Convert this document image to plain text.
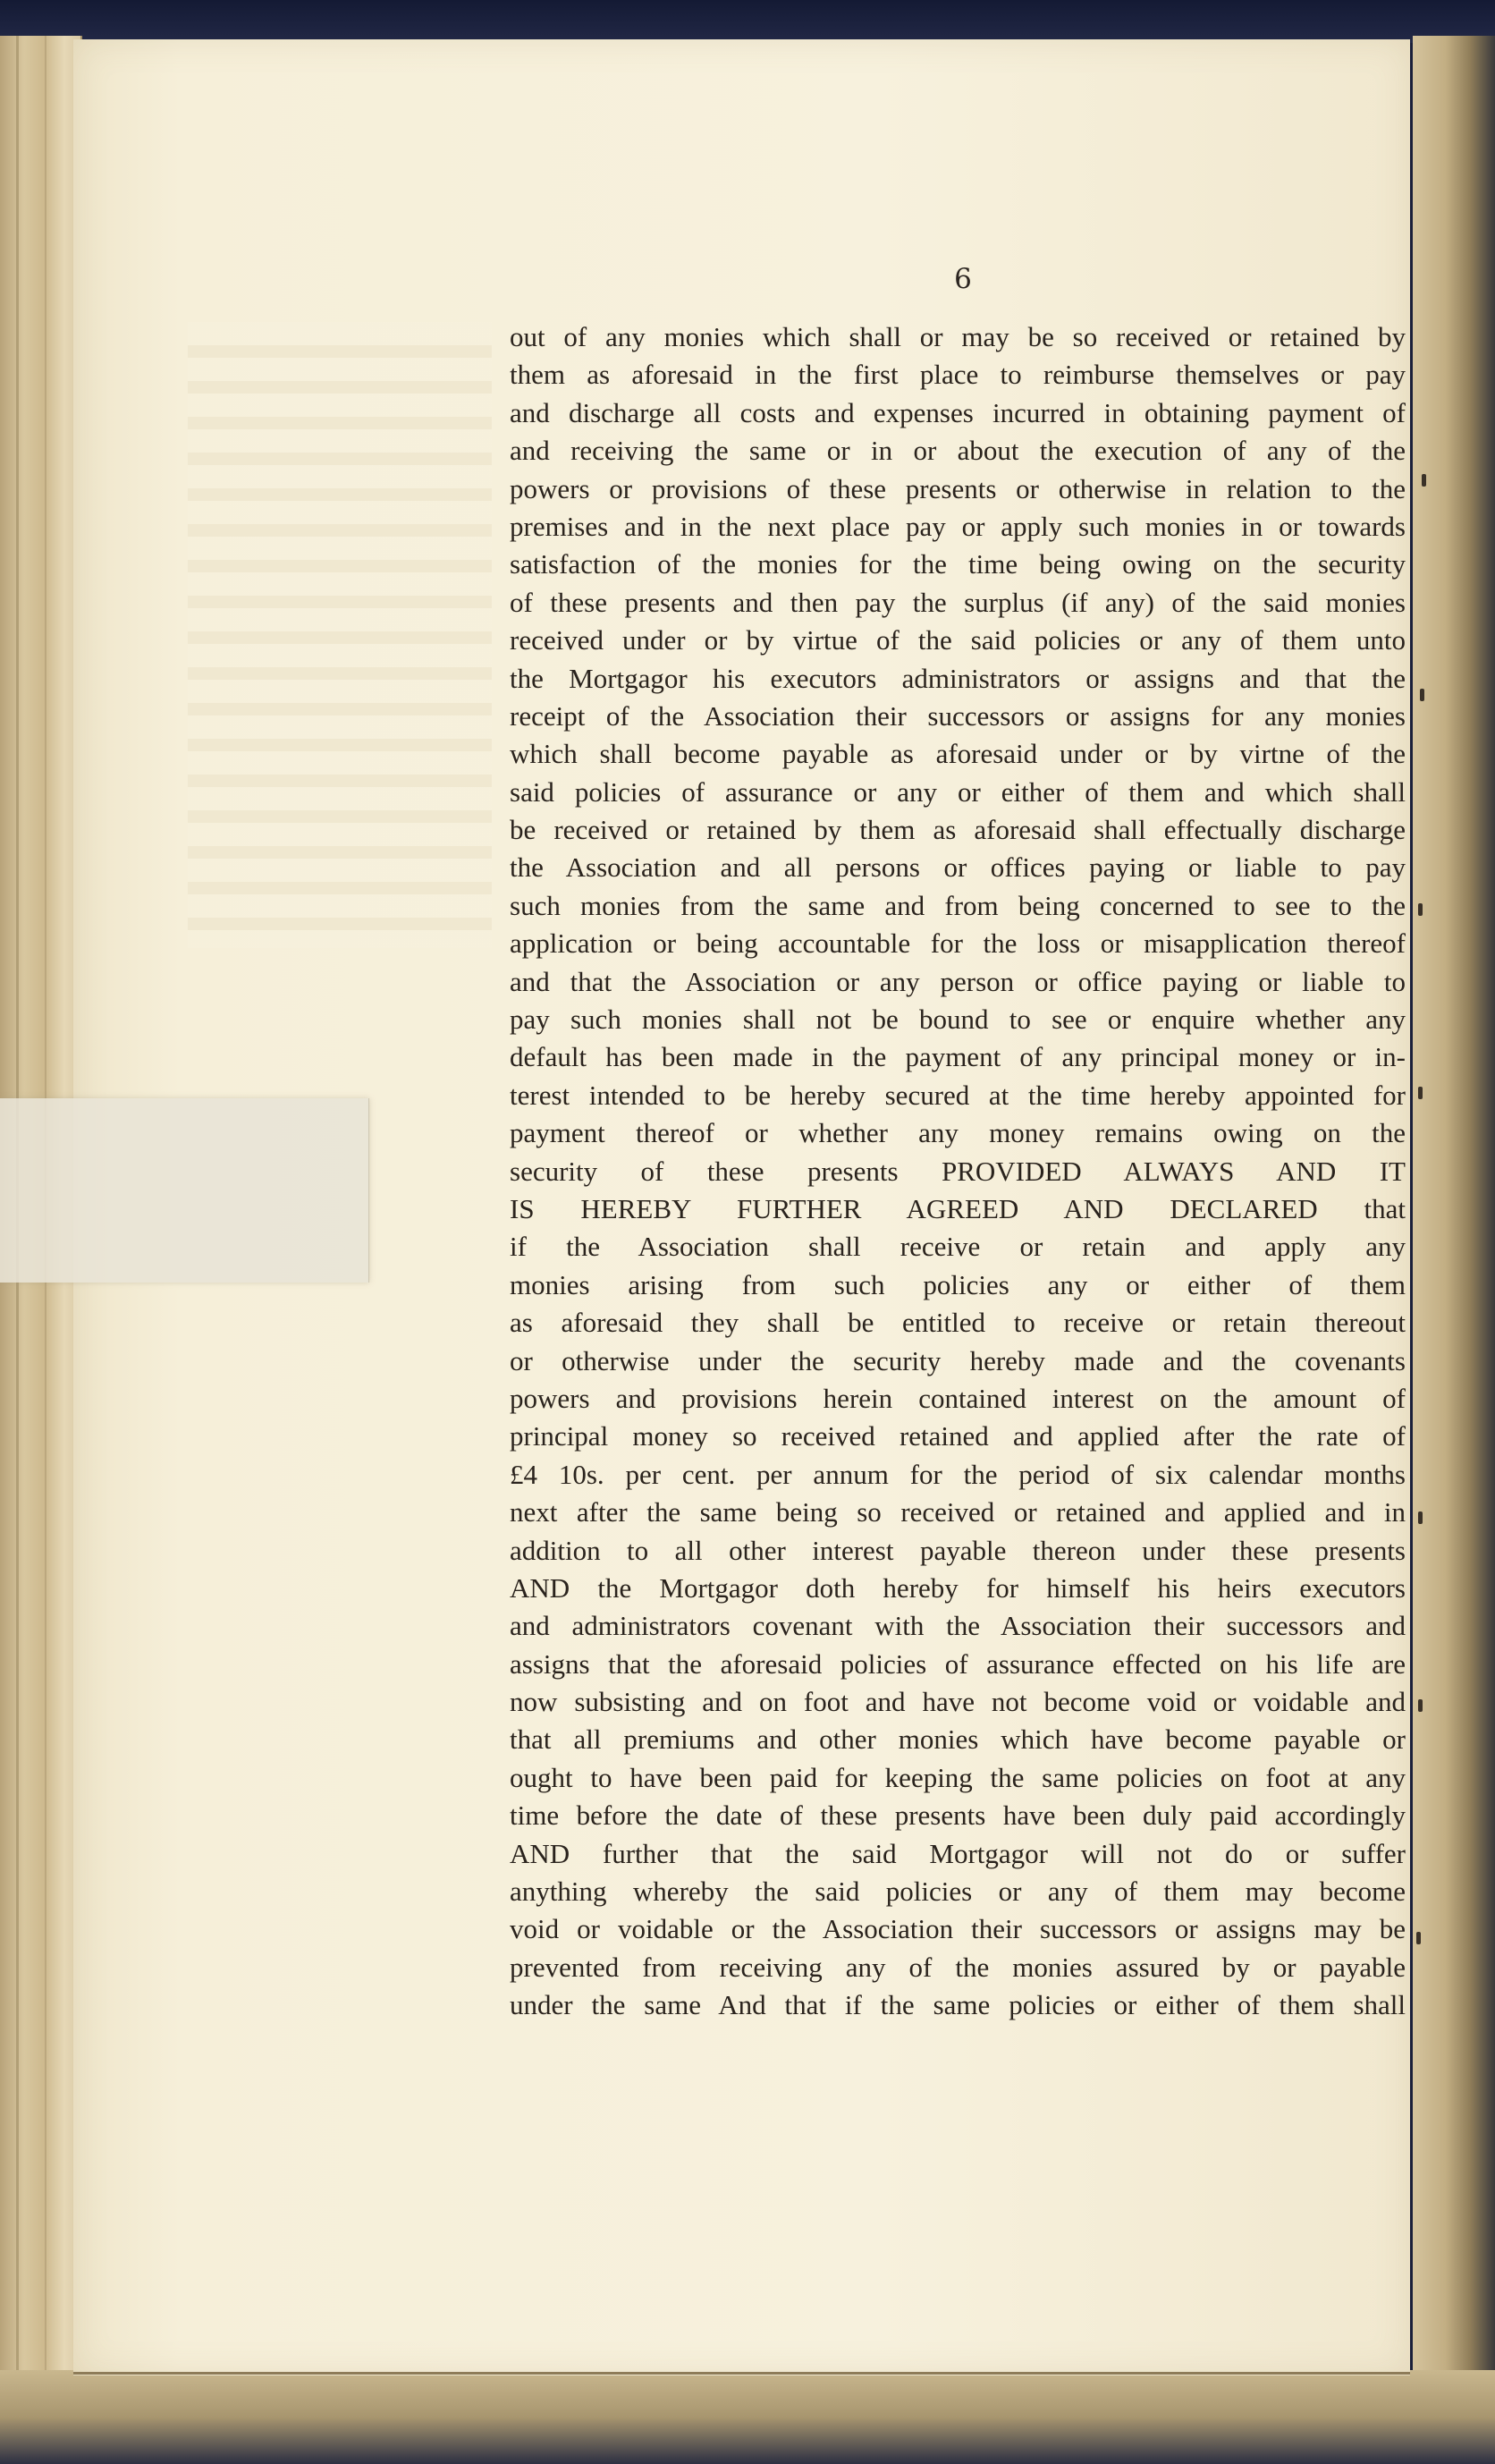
6
out of any monies which shall or may be so received or retained by
them as aforesaid in the first place to reimburse themselves or pay
and discharge all costs and expenses incurred in obtaining payment of
and receiving the same or in or about the execution of any of the
powers or provisions of these presents or otherwise in relation to the
premises and in the next place pay or apply such monies in or towards
satisfaction of the monies for the time being owing on the security
of these presents and then pay the surplus (if any) of the said monies
received under or by virtue of the said policies or any of them unto
the Mortgagor his executors administrators or assigns and that the
receipt of the Association their successors or assigns for any monies
which shall become payable as aforesaid under or by virtne of the
said policies of assurance or any or either of them and which shall
be received or retained by them as aforesaid shall effectually discharge
the Association and all persons or offices paying or liable to pay
such monies from the same and from being concerned to see to the
application or being accountable for the loss or misapplication thereof
and that the Association or any person or office paying or liable to
pay such monies shall not be bound to see or enquire whether any
default has been made in the payment of any principal money or in-
terest intended to be hereby secured at the time hereby appointed for
payment thereof or whether any money remains owing on the
security of these presents PROVIDED ALWAYS AND IT
IS HEREBY FURTHER AGREED AND DECLARED that
if the Association shall receive or retain and apply any
monies arising from such policies any or either of them
as aforesaid they shall be entitled to receive or retain thereout
or otherwise under the security hereby made and the covenants
powers and provisions herein contained interest on the amount of
principal money so received retained and applied after the rate of
£4 10s. per cent. per annum for the period of six calendar months
next after the same being so received or retained and applied and in
addition to all other interest payable thereon under these presents
AND the Mortgagor doth hereby for himself his heirs executors
and administrators covenant with the Association their successors and
assigns that the aforesaid policies of assurance effected on his life are
now subsisting and on foot and have not become void or voidable and
that all premiums and other monies which have become payable or
ought to have been paid for keeping the same policies on foot at any
time before the date of these presents have been duly paid accordingly
AND further that the said Mortgagor will not do or suffer
anything whereby the said policies or any of them may become
void or voidable or the Association their successors or assigns may be
prevented from receiving any of the monies assured by or payable
under the same And that if the same policies or either of them shall
